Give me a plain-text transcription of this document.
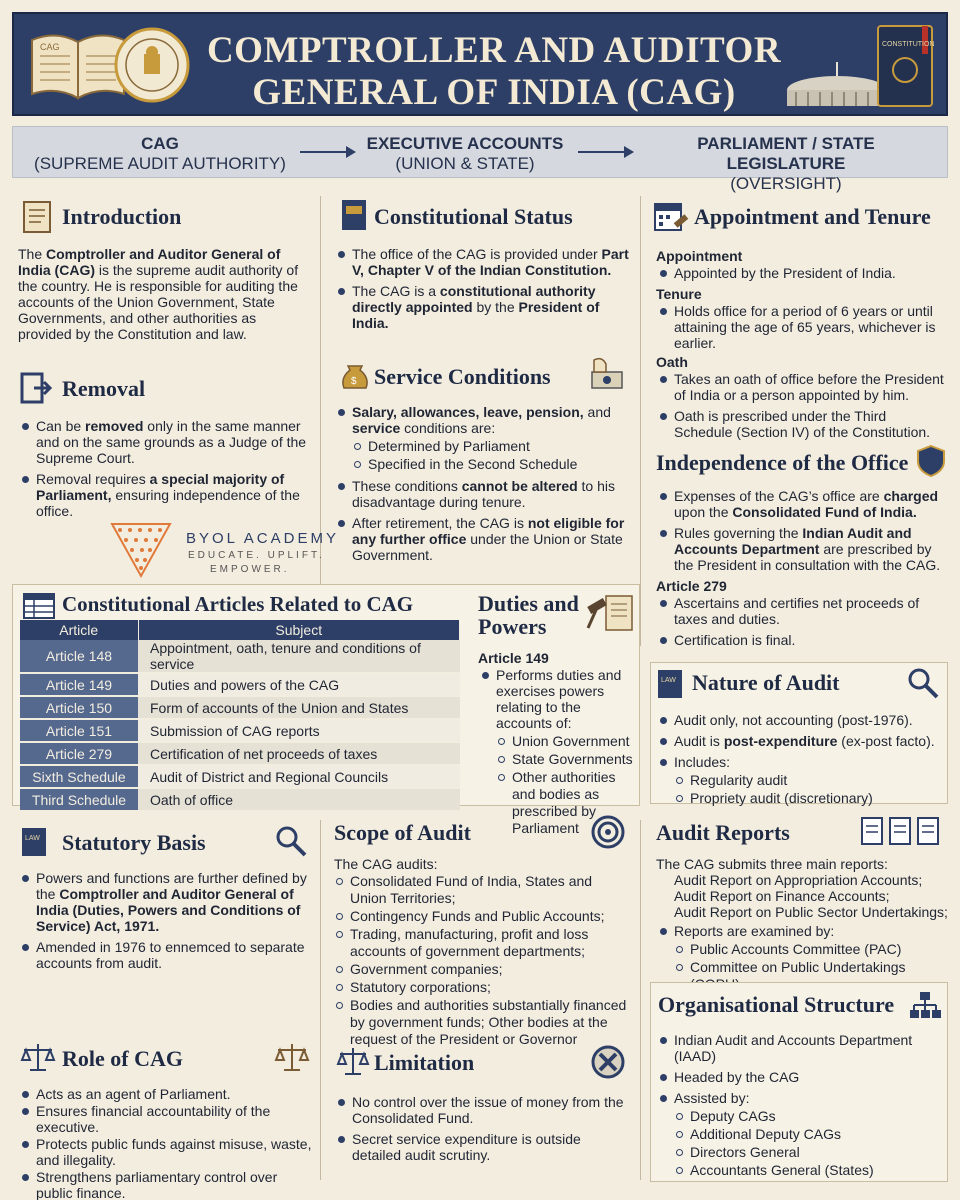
CAG	COMPTROLLER AND AUDITOR
GENERAL OF INDIA (CAG)
CONSTITUTION
CAG
(SUPREME AUDIT AUTHORITY)
EXECUTIVE ACCOUNTS
(UNION & STATE)
PARLIAMENT / STATE LEGISLATURE
(OVERSIGHT)
Introduction
The Comptroller and Auditor General of India (CAG) is the supreme audit authority of the country. He is responsible for auditing the accounts of the Union Government, State Governments, and other authorities as provided by the Constitution and law.
Removal
Can be removed only in the same manner and on the same grounds as a Judge of the Supreme Court.
Removal requires a special majority of Parliament, ensuring independence of the office.
BYOL ACADEMY
EDUCATE. UPLIFT.
EMPOWER.
Constitutional Status
The office of the CAG is provided under Part V, Chapter V of the Indian Constitution.
The CAG is a constitutional authority directly appointed by the President of India.
$ Service Conditions
Salary, allowances, leave, pension, and service conditions are:
Determined by Parliament
Specified in the Second Schedule
These conditions cannot be altered to his disadvantage during tenure.
After retirement, the CAG is not eligible for any further office under the Union or State Government.
Appointment and Tenure
Appointment
Appointed by the President of India.
Tenure
Holds office for a period of 6 years or until attaining the age of 65 years, whichever is earlier.
Oath
Takes an oath of office before the President of India or a person appointed by him.
Oath is prescribed under the Third Schedule (Section IV) of the Constitution.
Independence of the Office
Expenses of the CAG’s office are charged upon the Consolidated Fund of India.
Rules governing the Indian Audit and Accounts Department are prescribed by the President in consultation with the CAG.
Article 279
Ascertains and certifies net proceeds of taxes and duties.
Certification is final.
Constitutional Articles Related to CAG
Article	Subject
Article 148	Appointment, oath, tenure and conditions of service
Article 149	Duties and powers of the CAG
Article 150	Form of accounts of the Union and States
Article 151	Submission of CAG reports
Article 279	Certification of net proceeds of taxes
Sixth Schedule	Audit of District and Regional Councils
Third Schedule	Oath of office
Duties and
Powers
Article 149
Performs duties and exercises powers relating to the accounts of:
Union Government
State Governments
Other authorities and bodies as prescribed by Parliament
LAW Nature of Audit
Audit only, not accounting (post-1976).
Audit is post-expenditure (ex-post facto).
Includes:
Regularity audit
Propriety audit (discretionary)
LAW Statutory Basis
Powers and functions are further defined by the Comptroller and Auditor General of India (Duties, Powers and Conditions of Service) Act, 1971.
Amended in 1976 to ennemced to separate accounts from audit.
Scope of Audit
The CAG audits:
Consolidated Fund of India, States and Union Territories;
Contingency Funds and Public Accounts;
Trading, manufacturing, profit and loss accounts of government departments;
Government companies;
Statutory corporations;
Bodies and authorities substantially financed by government funds; Other bodies at the request of the President or Governor
Audit Reports
The CAG submits three main reports:
Audit Report on Appropriation Accounts;
Audit Report on Finance Accounts;
Audit Report on Public Sector Undertakings;
Reports are examined by:
Public Accounts Committee (PAC)
Committee on Public Undertakings
Organisational Structure
Indian Audit and Accounts Department (IAAD)
Headed by the CAG
Assisted by:
Deputy CAGs
Additional Deputy CAGs
Directors General
Accountants General (States)
Role of CAG
Acts as an agent of Parliament.
Ensures financial accountability of the executive.
Protects public funds against misuse, waste, and illegality.
Strengthens parliamentary control over public finance.
Limitation
No control over the issue of money from the Consolidated Fund.
Secret service expenditure is outside detailed audit scrutiny.
